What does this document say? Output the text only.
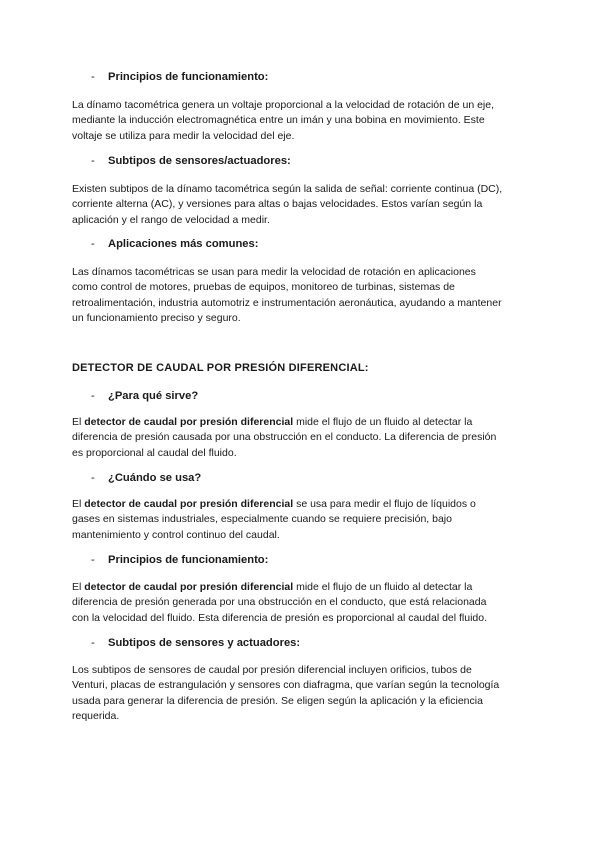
- Principios de funcionamiento:
La dínamo tacométrica genera un voltaje proporcional a la velocidad de rotación de un eje,
mediante la inducción electromagnética entre un imán y una bobina en movimiento. Este
voltaje se utiliza para medir la velocidad del eje.
- Subtipos de sensores/actuadores:
Existen subtipos de la dínamo tacométrica según la salida de señal: corriente continua (DC),
corriente alterna (AC), y versiones para altas o bajas velocidades. Estos varían según la
aplicación y el rango de velocidad a medir.
- Aplicaciones más comunes:
Las dínamos tacométricas se usan para medir la velocidad de rotación en aplicaciones
como control de motores, pruebas de equipos, monitoreo de turbinas, sistemas de
retroalimentación, industria automotriz e instrumentación aeronáutica, ayudando a mantener
un funcionamiento preciso y seguro.
DETECTOR DE CAUDAL POR PRESIÓN DIFERENCIAL:
- ¿Para qué sirve?
El detector de caudal por presión diferencial mide el flujo de un fluido al detectar la
diferencia de presión causada por una obstrucción en el conducto. La diferencia de presión
es proporcional al caudal del fluido.
- ¿Cuándo se usa?
El detector de caudal por presión diferencial se usa para medir el flujo de líquidos o
gases en sistemas industriales, especialmente cuando se requiere precisión, bajo
mantenimiento y control continuo del caudal.
- Principios de funcionamiento:
El detector de caudal por presión diferencial mide el flujo de un fluido al detectar la
diferencia de presión generada por una obstrucción en el conducto, que está relacionada
con la velocidad del fluido. Esta diferencia de presión es proporcional al caudal del fluido.
- Subtipos de sensores y actuadores:
Los subtipos de sensores de caudal por presión diferencial incluyen orificios, tubos de
Venturi, placas de estrangulación y sensores con diafragma, que varían según la tecnología
usada para generar la diferencia de presión. Se eligen según la aplicación y la eficiencia
requerida.
